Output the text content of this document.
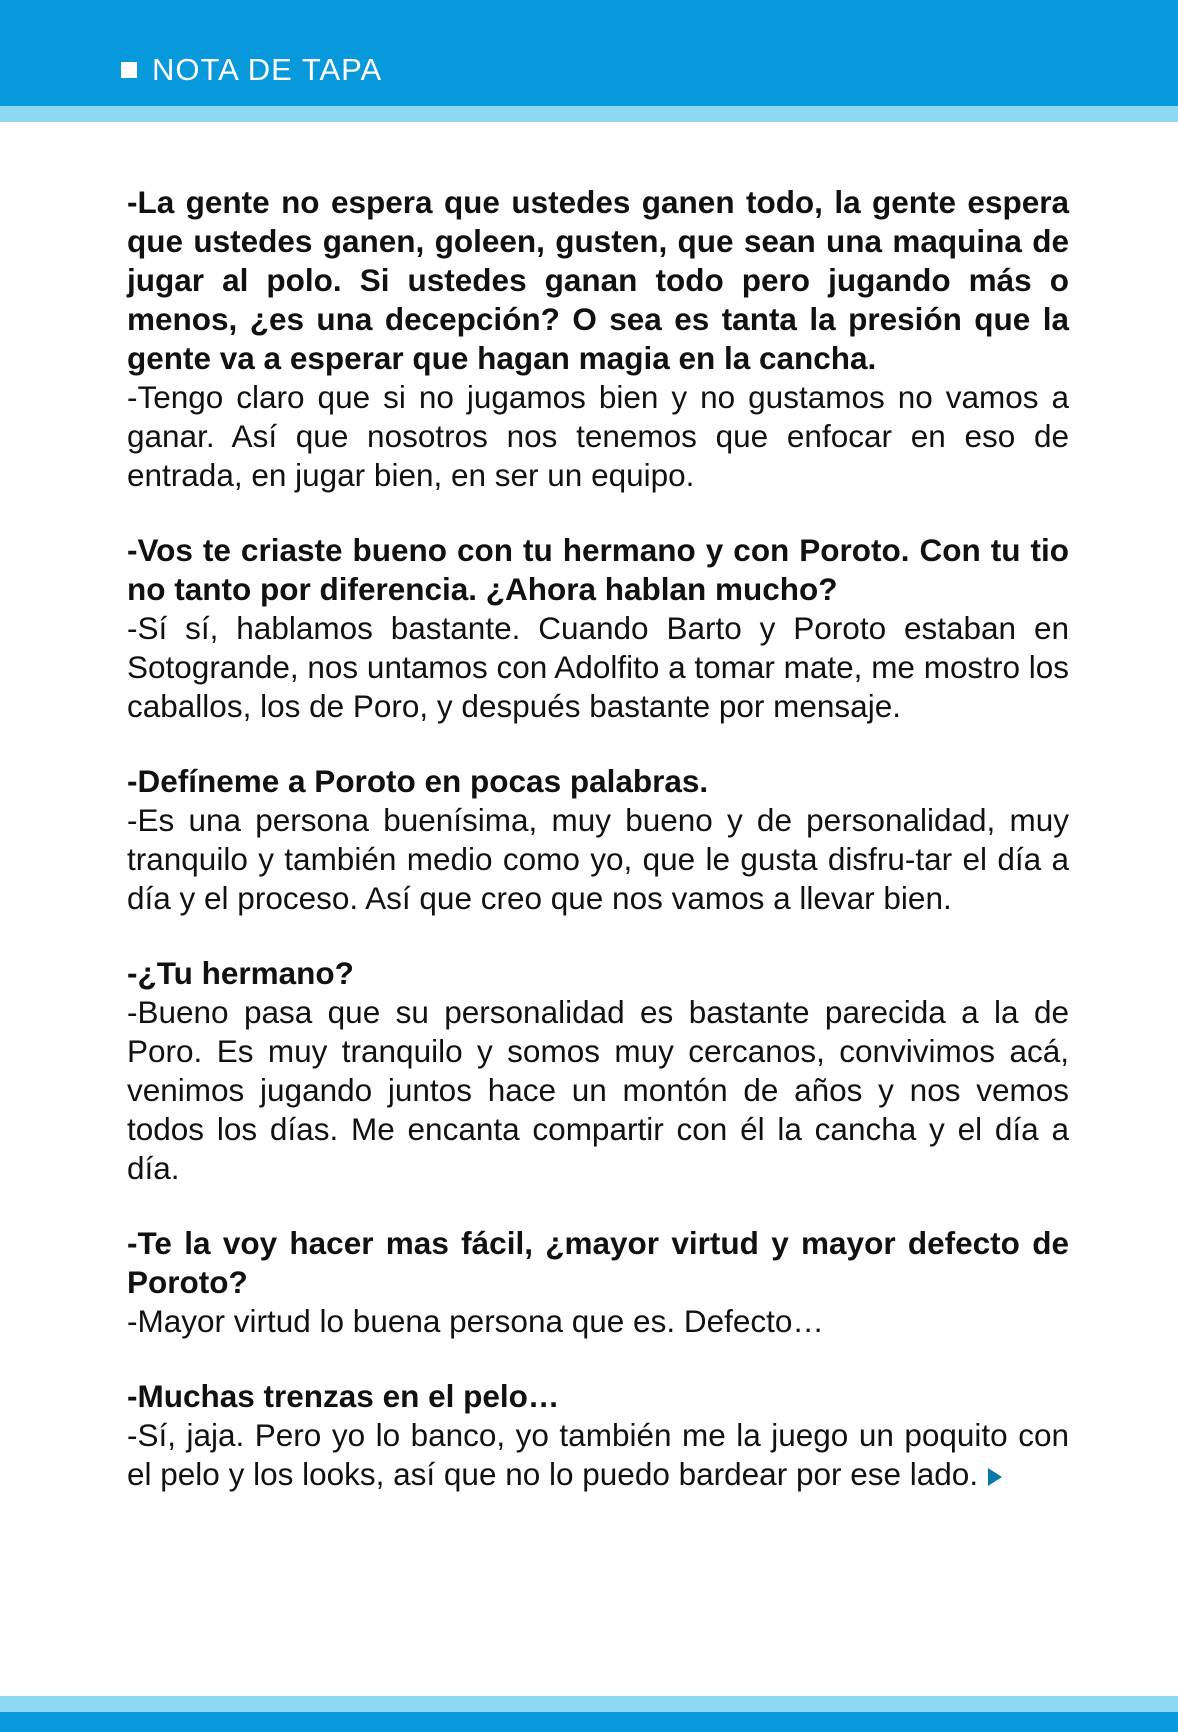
NOTA DE TAPA

-La gente no espera que ustedes ganen todo, la gente espera que ustedes ganen, goleen, gusten, que sean una maquina de jugar al polo. Si ustedes ganan todo pero jugando más o menos, ¿es una decepción? O sea es tanta la presión que la gente va a esperar que hagan magia en la cancha.

-Tengo claro que si no jugamos bien y no gustamos no vamos a ganar. Así que nosotros nos tenemos que enfocar en eso de entrada, en jugar bien, en ser un equipo.

-Vos te criaste bueno con tu hermano y con Poroto. Con tu tio no tanto por diferencia. ¿Ahora hablan mucho?

-Sí sí, hablamos bastante. Cuando Barto y Poroto estaban en Sotogrande, nos untamos con Adolfito a tomar mate, me mostro los caballos, los de Poro, y después bastante por mensaje.

-Defíneme a Poroto en pocas palabras.

-Es una persona buenísima, muy bueno y de personalidad, muy tranquilo y también medio como yo, que le gusta disfru-tar el día a día y el proceso. Así que creo que nos vamos a llevar bien.

-¿Tu hermano?

-Bueno pasa que su personalidad es bastante parecida a la de Poro. Es muy tranquilo y somos muy cercanos, convivimos acá, venimos jugando juntos hace un montón de años y nos vemos todos los días. Me encanta compartir con él la cancha y el día a día.

-Te la voy hacer mas fácil, ¿mayor virtud y mayor defecto de Poroto?

-Mayor virtud lo buena persona que es. Defecto…

-Muchas trenzas en el pelo…

-Sí, jaja. Pero yo lo banco, yo también me la juego un poquito con el pelo y los looks, así que no lo puedo bardear por ese lado.
